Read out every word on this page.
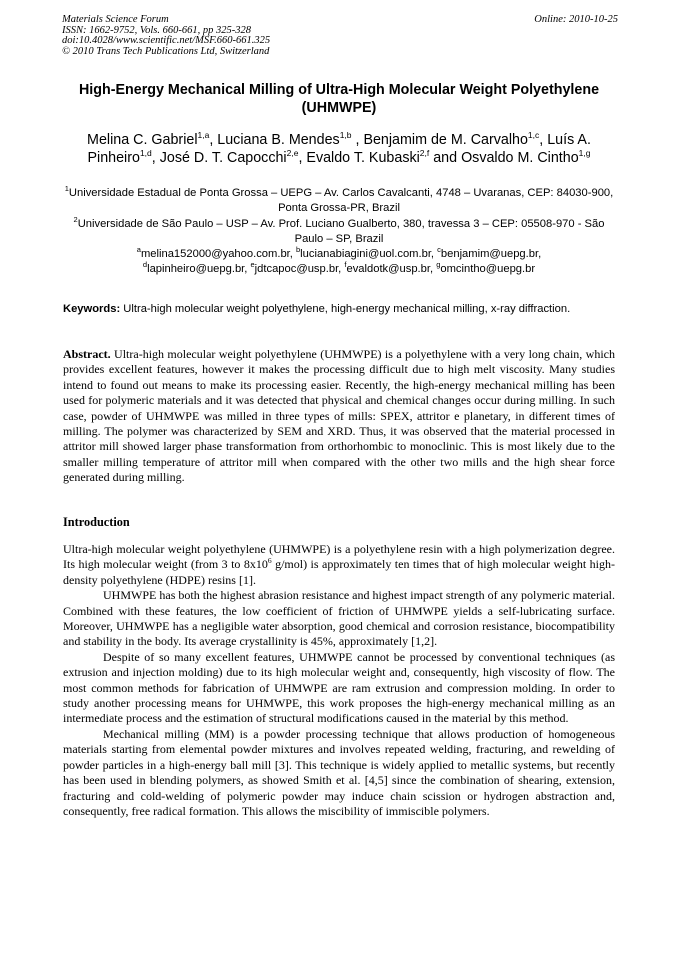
Materials Science Forum
ISSN: 1662-9752, Vols. 660-661, pp 325-328
doi:10.4028/www.scientific.net/MSF.660-661.325
© 2010 Trans Tech Publications Ltd, Switzerland
Online: 2010-10-25
High-Energy Mechanical Milling of Ultra-High Molecular Weight Polyethylene (UHMWPE)
Melina C. Gabriel$^{1,a}$, Luciana B. Mendes$^{1,b}$ , Benjamim de M. Carvalho$^{1,c}$, Luís A. Pinheiro$^{1,d}$, José D. T. Capocchi$^{2,e}$, Evaldo T. Kubaski$^{2,f}$ and Osvaldo M. Cintho$^{1,g}$
$^1$Universidade Estadual de Ponta Grossa – UEPG – Av. Carlos Cavalcanti, 4748 – Uvaranas, CEP: 84030-900, Ponta Grossa-PR, Brazil
$^2$Universidade de São Paulo – USP – Av. Prof. Luciano Gualberto, 380, travessa 3 – CEP: 05508-970 - São Paulo – SP, Brazil
$^a$melina152000@yahoo.com.br, $^b$lucianabiagini@uol.com.br, $^c$benjamim@uepg.br,
$^d$lapinheiro@uepg.br, $^e$jdtcapoc@usp.br, $^f$evaldotk@usp.br, $^g$omcintho@uepg.br
Keywords: Ultra-high molecular weight polyethylene, high-energy mechanical milling, x-ray diffraction.
Abstract. Ultra-high molecular weight polyethylene (UHMWPE) is a polyethylene with a very long chain, which provides excellent features, however it makes the processing difficult due to high melt viscosity. Many studies intend to found out means to make its processing easier. Recently, the high-energy mechanical milling has been used for polymeric materials and it was detected that physical and chemical changes occur during milling. In such case, powder of UHMWPE was milled in three types of mills: SPEX, attritor e planetary, in different times of milling. The polymer was characterized by SEM and XRD. Thus, it was observed that the material processed in attritor mill showed larger phase transformation from orthorhombic to monoclinic. This is most likely due to the smaller milling temperature of attritor mill when compared with the other two mills and the high shear force generated during milling.
Introduction
Ultra-high molecular weight polyethylene (UHMWPE) is a polyethylene resin with a high polymerization degree. Its high molecular weight (from 3 to $8x10^6$ g/mol) is approximately ten times that of high molecular weight high-density polyethylene (HDPE) resins [1].
UHMWPE has both the highest abrasion resistance and highest impact strength of any polymeric material. Combined with these features, the low coefficient of friction of UHMWPE yields a self-lubricating surface. Moreover, UHMWPE has a negligible water absorption, good chemical and corrosion resistance, biocompatibility and stability in the body. Its average crystallinity is 45%, approximately [1,2].
Despite of so many excellent features, UHMWPE cannot be processed by conventional techniques (as extrusion and injection molding) due to its high molecular weight and, consequently, high viscosity of flow. The most common methods for fabrication of UHMWPE are ram extrusion and compression molding. In order to study another processing means for UHMWPE, this work proposes the high-energy mechanical milling as an intermediate process and the estimation of structural modifications caused in the material by this method.
Mechanical milling (MM) is a powder processing technique that allows production of homogeneous materials starting from elemental powder mixtures and involves repeated welding, fracturing, and rewelding of powder particles in a high-energy ball mill [3]. This technique is widely applied to metallic systems, but recently has been used in blending polymers, as showed Smith et al. [4,5] since the combination of shearing, extension, fracturing and cold-welding of polymeric powder may induce chain scission or hydrogen abstraction and, consequently, free radical formation. This allows the miscibility of immiscible polymers.
